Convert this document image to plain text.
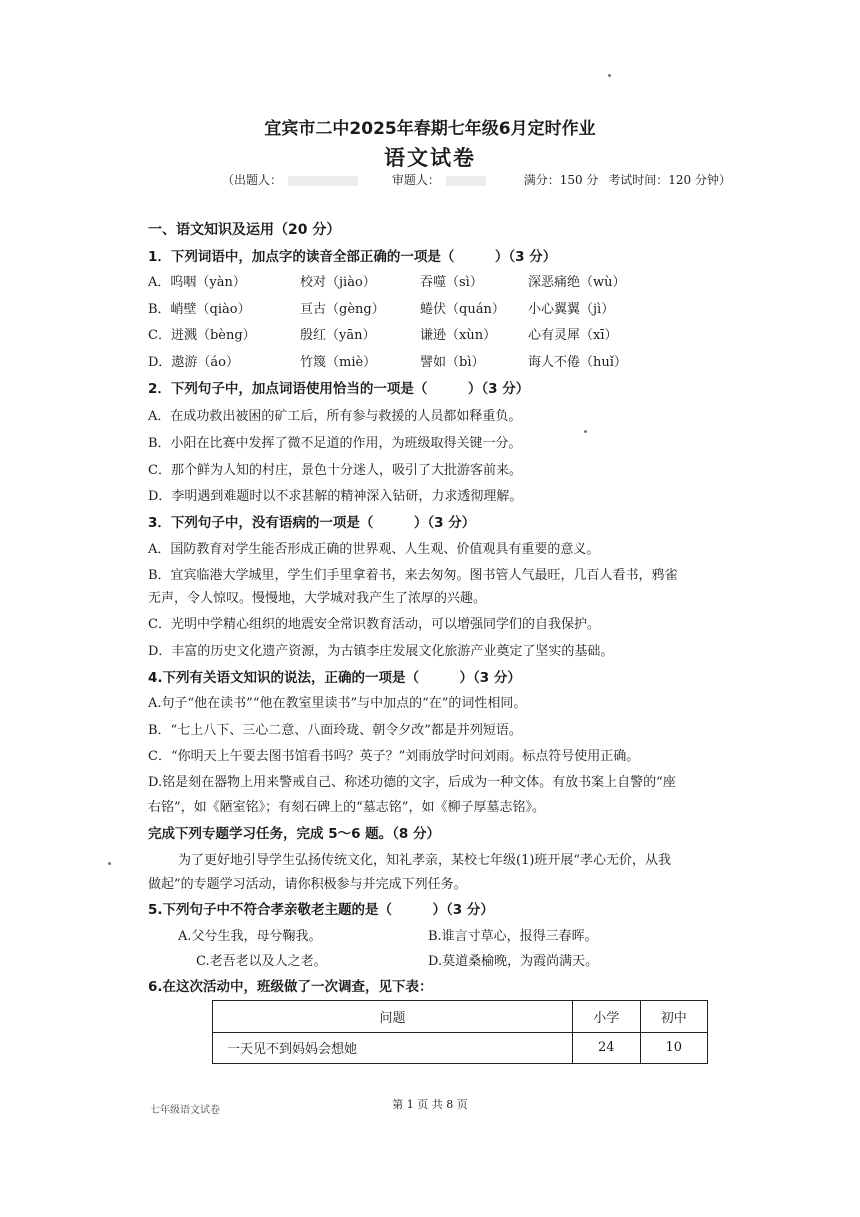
宜宾市二中2025年春期七年级6月定时作业
语文试卷
（出题人：	审题人：	满分：150 分 考试时间：120 分钟）
一、语文知识及运用（20 分）
1．下列词语中，加点字的读音全部正确的一项是（　　　）（3 分）
A．呜咽（yàn）	校对（jiào）	吞噬（sì）	深恶痛绝（wù）
B．峭壁（qiào）	亘古（gèng）	蜷伏（quán） 小心翼翼（jì）
C．迸溅（bèng）	殷红（yān）	谦逊（xùn） 心有灵犀（xī）
D．遨游（áo）	竹篾（miè）	譬如（bì）	诲人不倦（huǐ）
2．下列句子中，加点词语使用恰当的一项是（　　　）（3 分）
A．在成功救出被困的矿工后，所有参与救援的人员都如释重负。
B．小阳在比赛中发挥了微不足道的作用，为班级取得关键一分。
C．那个鲜为人知的村庄，景色十分迷人，吸引了大批游客前来。
D．李明遇到难题时以不求甚解的精神深入钻研，力求透彻理解。
3．下列句子中，没有语病的一项是（　　　）（3 分）
A．国防教育对学生能否形成正确的世界观、人生观、价值观具有重要的意义。
B．宜宾临港大学城里，学生们手里拿着书，来去匆匆。图书管人气最旺，几百人看书，鸦雀
无声，令人惊叹。慢慢地，大学城对我产生了浓厚的兴趣。
C．光明中学精心组织的地震安全常识教育活动，可以增强同学们的自我保护。
D．丰富的历史文化遗产资源，为古镇李庄发展文化旅游产业奠定了坚实的基础。
4.下列有关语文知识的说法，正确的一项是（　　　）（3 分）
A.句子“他在读书”“他在教室里读书”与中加点的“在”的词性相同。
B．“七上八下、三心二意、八面玲珑、朝令夕改”都是并列短语。
C．“你明天上午要去图书馆看书吗？英子？”刘雨放学时问刘雨。标点符号使用正确。
D.铭是刻在器物上用来警戒自己、称述功德的文字，后成为一种文体。有放书案上自警的“座
右铭”，如《陋室铭》；有刻石碑上的“墓志铭”，如《柳子厚墓志铭》。
完成下列专题学习任务，完成 5～6 题。（8 分）
为了更好地引导学生弘扬传统文化，知礼孝亲，某校七年级(1)班开展“孝心无价，从我
做起”的专题学习活动，请你积极参与并完成下列任务。
5.下列句子中不符合孝亲敬老主题的是（　　　）（3 分）
A.父兮生我，母兮鞠我。	B.谁言寸草心，报得三春晖。
C.老吾老以及人之老。	D.莫道桑榆晚，为霞尚满天。
6.在这次活动中，班级做了一次调查，见下表：
问题	小学	初中
一天见不到妈妈会想她	24	10
七年级语文试卷	第 1 页 共 8 页
